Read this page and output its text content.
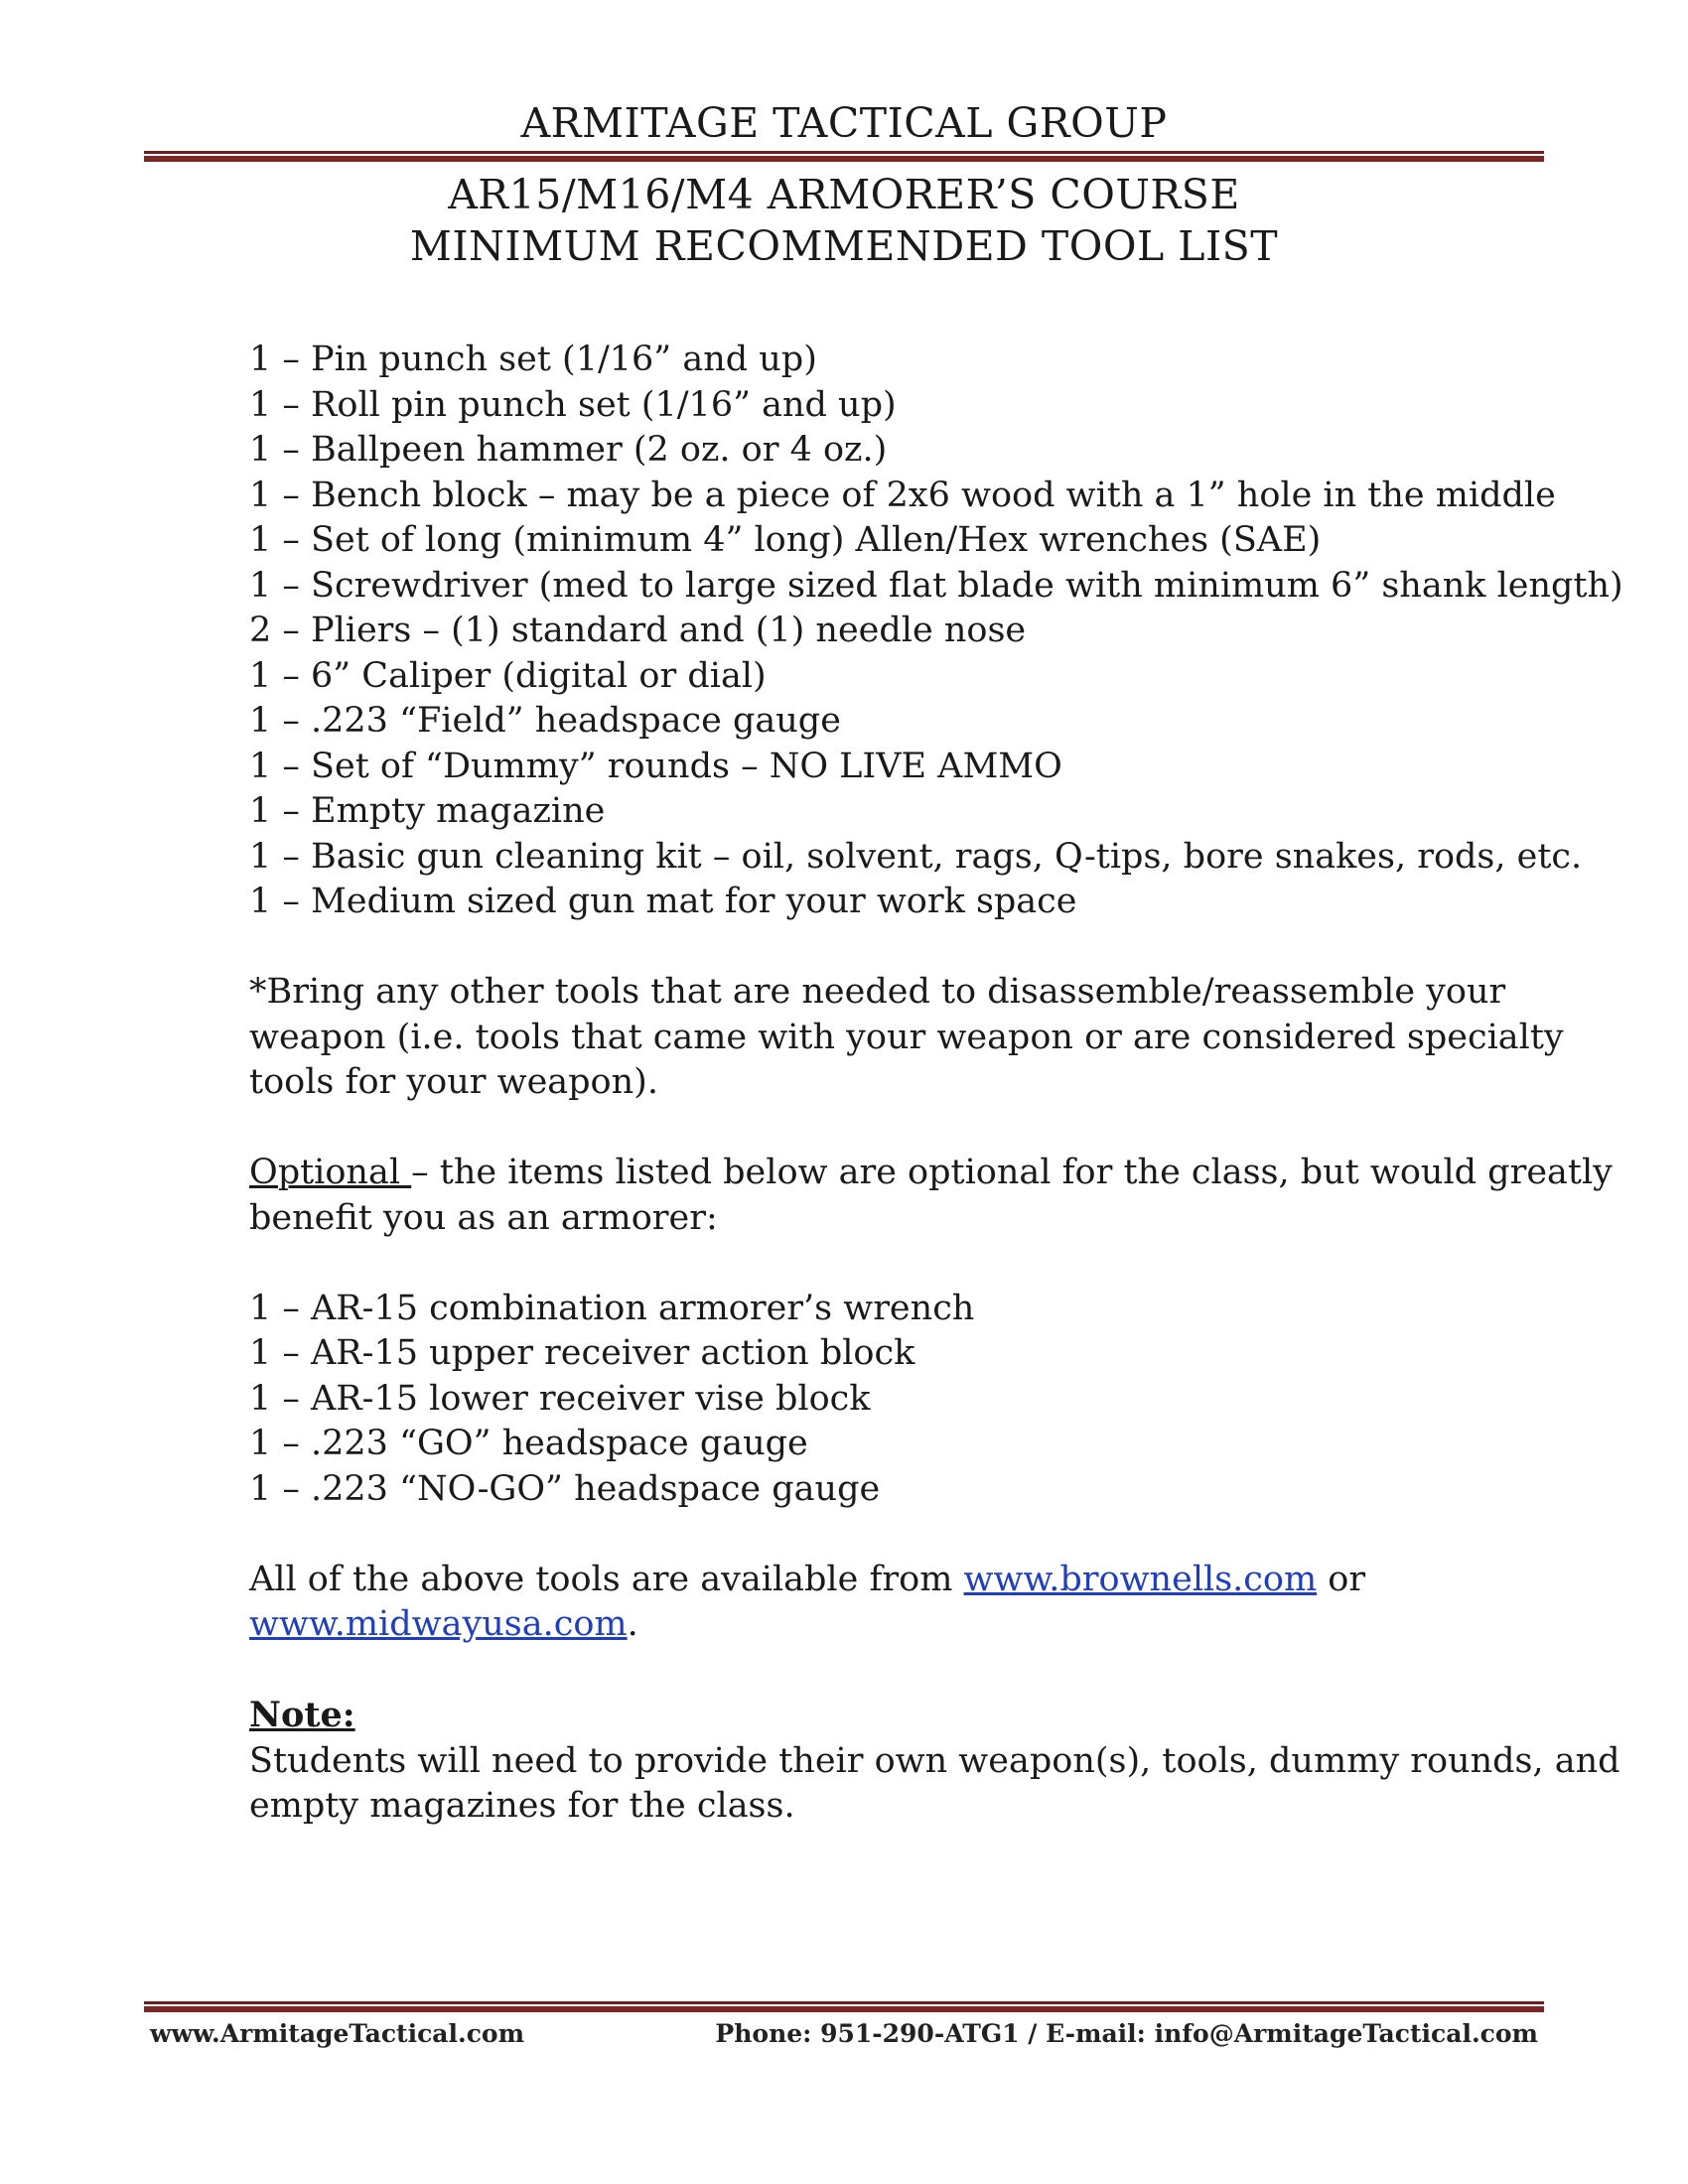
ARMITAGE TACTICAL GROUP
AR15/M16/M4 ARMORER’S COURSE
MINIMUM RECOMMENDED TOOL LIST
1 – Pin punch set (1/16” and up)
1 – Roll pin punch set (1/16” and up)
1 – Ballpeen hammer (2 oz. or 4 oz.)
1 – Bench block – may be a piece of 2x6 wood with a 1” hole in the middle
1 – Set of long (minimum 4” long) Allen/Hex wrenches (SAE)
1 – Screwdriver (med to large sized flat blade with minimum 6” shank length)
2 – Pliers – (1) standard and (1) needle nose
1 – 6” Caliper (digital or dial)
1 – .223 “Field” headspace gauge
1 – Set of “Dummy” rounds – NO LIVE AMMO
1 – Empty magazine
1 – Basic gun cleaning kit – oil, solvent, rags, Q-tips, bore snakes, rods, etc.
1 – Medium sized gun mat for your work space
*Bring any other tools that are needed to disassemble/reassemble your
weapon (i.e. tools that came with your weapon or are considered specialty
tools for your weapon).
Optional – the items listed below are optional for the class, but would greatly
benefit you as an armorer:
1 – AR-15 combination armorer’s wrench
1 – AR-15 upper receiver action block
1 – AR-15 lower receiver vise block
1 – .223 “GO” headspace gauge
1 – .223 “NO-GO” headspace gauge
All of the above tools are available from www.brownells.com or
www.midwayusa.com.
Note:
Students will need to provide their own weapon(s), tools, dummy rounds, and
empty magazines for the class.
www.ArmitageTactical.com	Phone: 951-290-ATG1 / E-mail: info@ArmitageTactical.com
